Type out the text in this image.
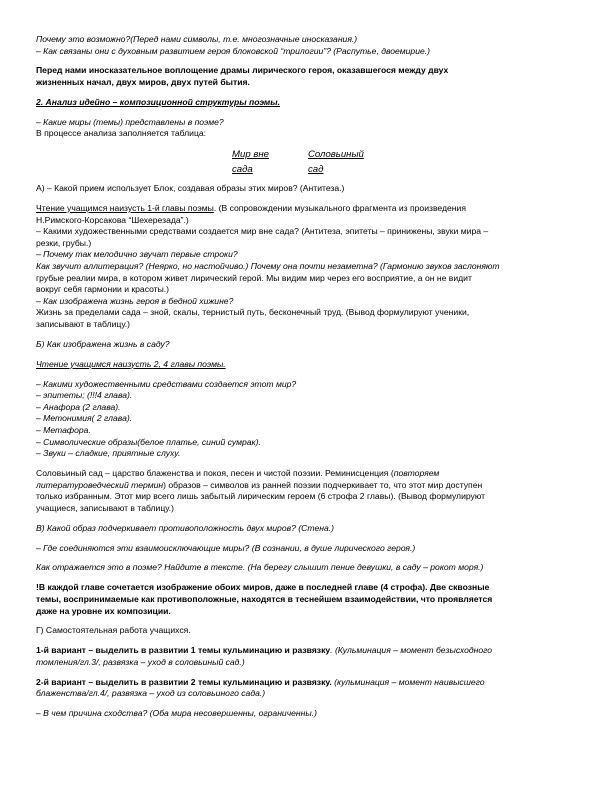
Почему это возможно?(Перед нами символы, т.е. многозначные иносказания.)

– Как связаны они с духовным развитием героя блоковской “трилогии”? (Распутье, двоемирие.)

Перед нами иносказательное воплощение драмы лирического героя, оказавшегося между двух

жизненных начал, двух миров, двух путей бытия.

2. Анализ идейно – композиционной структуры поэмы.

– Какие миры (темы) представлены в поэме?

В процессе анализа заполняется таблица:

Мир вне	Соловьиный
сада	сад

А) – Какой прием использует Блок, создавая образы этих миров? (Антитеза.)

Чтение учащимся наизусть 1-й главы поэмы. (В сопровождении музыкального фрагмента из произведения

Н.Римского-Корсакова “Шехерезада”.)

– Какими художественными средствами создается мир вне сада? (Антитеза, эпитеты – принижены, звуки мира –

резки, грубы.)

– Почему так мелодично звучат первые строки?

Как звучит аллитерация? (Неярко, но настойчиво.) Почему она почти незаметна? (Гармонию звуков заслоняют

грубые реалии мира, в котором живет лирический герой. Мы видим мир через его восприятие, а он не видит

вокруг себя гармонии и красоты.)

– Как изображена жизнь героя в бедной хижине?

Жизнь за пределами сада – зной, скалы, тернистый путь, бесконечный труд. (Вывод формулируют ученики,

записывают в таблицу.)

Б) Как изображена жизнь в саду?

Чтение учащимся наизусть 2, 4 главы поэмы.

– Какими художественными средствами создается этот мир?

– эпитеты; (!!!4 глава).

– Анафора (2 глава).

– Метонимия( 2 глава).

– Метафора.

– Символические образы(белое платье, синий сумрак).

– Звуки – сладкие, приятные слуху.

Соловьиный сад – царство блаженства и покоя, песен и чистой поэзии. Реминисценция (повторяем

литературоведческий термин) образов – символов из ранней поэзии подчеркивает то, что этот мир доступен

только избранным. Этот мир всего лишь забытый лирическим героем (6 строфа 2 главы). (Вывод формулируют

учащиеся, записывают в таблицу.)

В) Какой образ подчеркивает противоположность двух миров? (Стена.)

– Где соединяются эти взаимоисключающие миры? (В сознании, в душе лирического героя.)

Как отражается это в поэме? Найдите в тексте. (На берегу слышит пение девушки, в саду – рокот моря.)

!В каждой главе сочетается изображение обоих миров, даже в последней главе (4 строфа). Две сквозные

темы, воспринимаемые как противоположные, находятся в теснейшем взаимодействии, что проявляется

даже на уровне их композиции.

Г) Самостоятельная работа учащихся.

1-й вариант – выделить в развитии 1 темы кульминацию и развязку. (Кульминация – момент безысходного

томления/гл.3/, развязка – уход в соловьиный сад.)

2-й вариант – выделить в развитии 2 темы кульминацию и развязку. (кульминация – момент наивысшего

блаженства/гл.4/, развязка – уход из соловьиного сада.)

– В чем причина сходства? (Оба мира несовершенны, ограниченны.)
